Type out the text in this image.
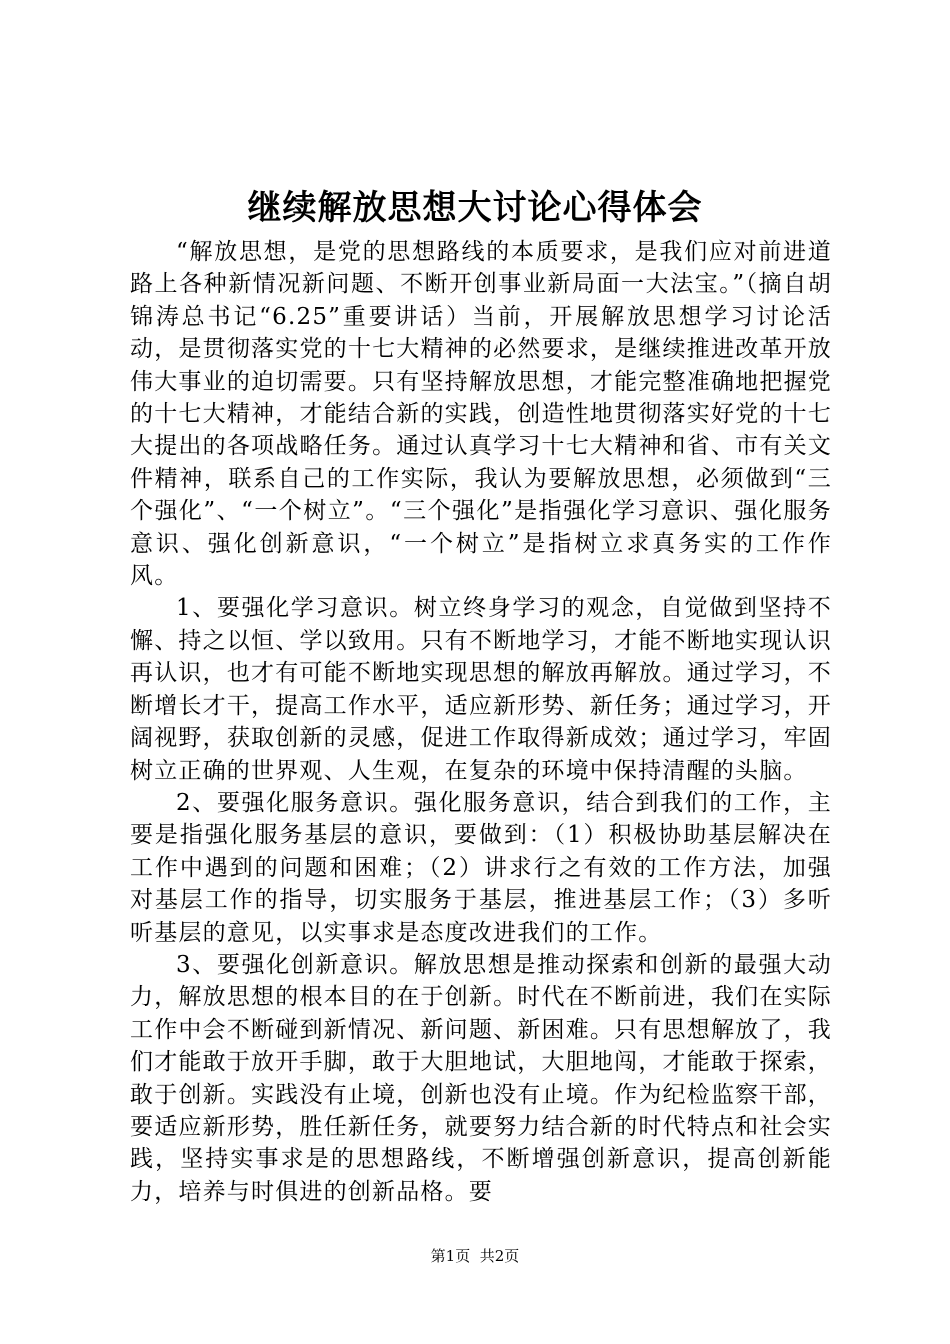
继续解放思想大讨论心得体会

“解放思想，是党的思想路线的本质要求，是我们应对前进道路上各种新情况新问题、不断开创事业新局面一大法宝。”（摘自胡锦涛总书记“6.25”重要讲话）当前，开展解放思想学习讨论活动，是贯彻落实党的十七大精神的必然要求，是继续推进改革开放伟大事业的迫切需要。只有坚持解放思想，才能完整准确地把握党的十七大精神，才能结合新的实践，创造性地贯彻落实好党的十七大提出的各项战略任务。通过认真学习十七大精神和省、市有关文件精神，联系自己的工作实际，我认为要解放思想，必须做到“三个强化”、“一个树立”。“三个强化”是指强化学习意识、强化服务意识、强化创新意识，“一个树立”是指树立求真务实的工作作风。

1、要强化学习意识。树立终身学习的观念，自觉做到坚持不懈、持之以恒、学以致用。只有不断地学习，才能不断地实现认识再认识，也才有可能不断地实现思想的解放再解放。通过学习，不断增长才干，提高工作水平，适应新形势、新任务；通过学习，开阔视野，获取创新的灵感，促进工作取得新成效；通过学习，牢固树立正确的世界观、人生观，在复杂的环境中保持清醒的头脑。

2、要强化服务意识。强化服务意识，结合到我们的工作，主要是指强化服务基层的意识，要做到：（1）积极协助基层解决在工作中遇到的问题和困难；（2）讲求行之有效的工作方法，加强对基层工作的指导，切实服务于基层，推进基层工作；（3）多听听基层的意见，以实事求是态度改进我们的工作。

3、要强化创新意识。解放思想是推动探索和创新的最强大动力，解放思想的根本目的在于创新。时代在不断前进，我们在实际工作中会不断碰到新情况、新问题、新困难。只有思想解放了，我们才能敢于放开手脚，敢于大胆地试，大胆地闯，才能敢于探索，敢于创新。实践没有止境，创新也没有止境。作为纪检监察干部，要适应新形势，胜任新任务，就要努力结合新的时代特点和社会实践，坚持实事求是的思想路线，不断增强创新意识，提高创新能力，培养与时俱进的创新品格。要

第1页 共2页
